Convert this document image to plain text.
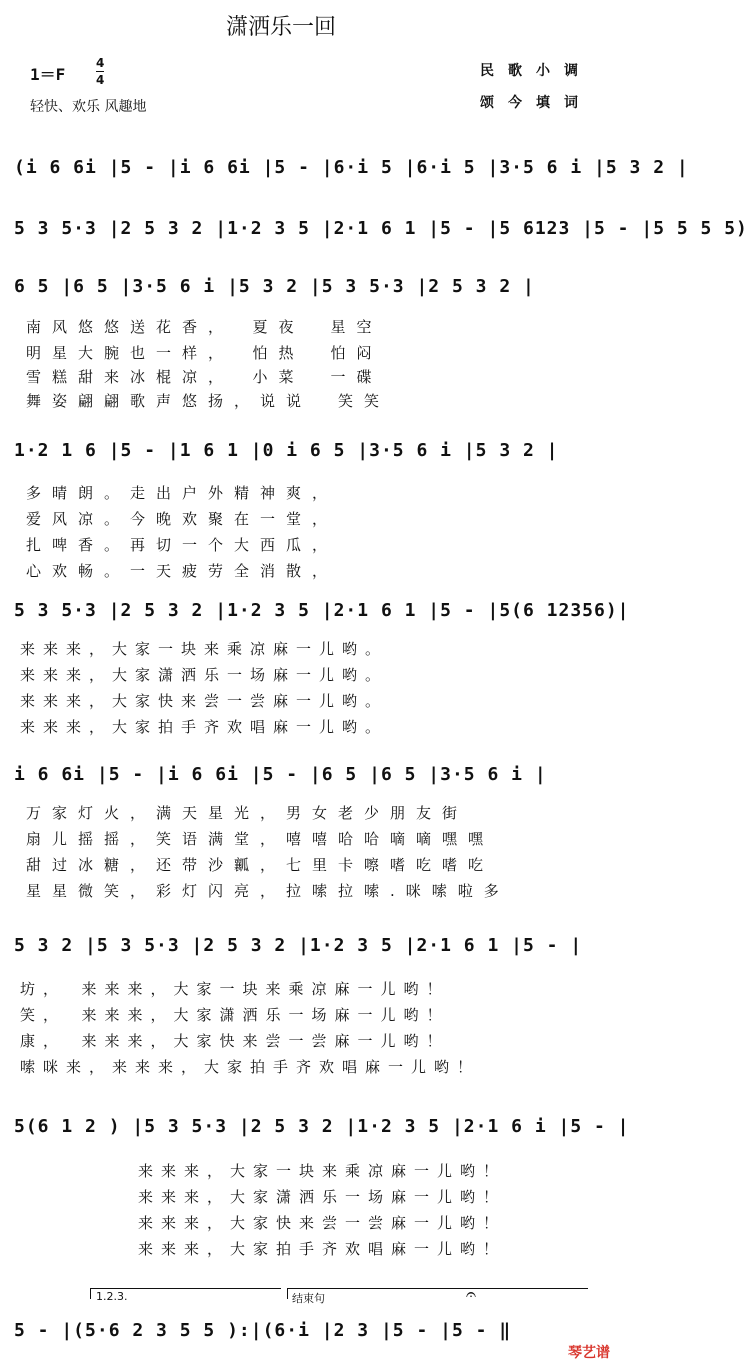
潇洒乐一回
1＝F
4
4
轻快、欢乐 风趣地
民歌小调
颂今填词
(i 6 6i |5 - |i 6 6i |5 - |6·i 5 |6·i 5 |3·5 6 i |5 3 2 |
5 3 5·3 |2 5 3 2 |1·2 3 5 |2·1 6 1 |5 - |5 6123 |5 - |5 5 5 5)
6 5 |6 5 |3·5 6 i |5 3 2 |5 3 5·3 |2 5 3 2 |
南风悠悠送花香，　夏夜　星空
明星大腕也一样，　怕热　怕闷
雪糕甜来冰棍凉，　小菜　一碟
舞姿翩翩歌声悠扬，说说　笑笑
1·2 1 6 |5 - |1 6 1 |0 i 6 5 |3·5 6 i |5 3 2 |
多晴朗。走出户外精神爽，
爱风凉。今晚欢聚在一堂，
扎啤香。再切一个大西瓜，
心欢畅。一天疲劳全消散，
5 3 5·3 |2 5 3 2 |1·2 3 5 |2·1 6 1 |5 - |5(6 12356)|
来来来，大家一块来乘凉麻一儿哟。
来来来，大家潇洒乐一场麻一儿哟。
来来来，大家快来尝一尝麻一儿哟。
来来来，大家拍手齐欢唱麻一儿哟。
i 6 6i |5 - |i 6 6i |5 - |6 5 |6 5 |3·5 6 i |
万家灯火，满天星光，男女老少朋友街
扇儿摇摇，笑语满堂，嘻嘻哈哈嘀嘀嘿嘿
甜过冰糖，还带沙瓤，七里卡嚓嗜吃嗜吃
星星微笑，彩灯闪亮，拉嗦拉嗦.咪嗦啦多
5 3 2 |5 3 5·3 |2 5 3 2 |1·2 3 5 |2·1 6 1 |5 - |
坊，　来来来，大家一块来乘凉麻一儿哟！
笑，　来来来，大家潇洒乐一场麻一儿哟！
康，　来来来，大家快来尝一尝麻一儿哟！
嗦咪来，来来来，大家拍手齐欢唱麻一儿哟！
5(6 1 2 ) |5 3 5·3 |2 5 3 2 |1·2 3 5 |2·1 6 i |5 - |
来来来，大家一块来乘凉麻一儿哟！
来来来，大家潇洒乐一场麻一儿哟！
来来来，大家快来尝一尝麻一儿哟！
来来来，大家拍手齐欢唱麻一儿哟！
1.2.3.	结束句	𝄐
5 - |(5·6 2 3 5 5 ):|(6·i |2 3 |5 - |5 - ‖
琴艺谱
